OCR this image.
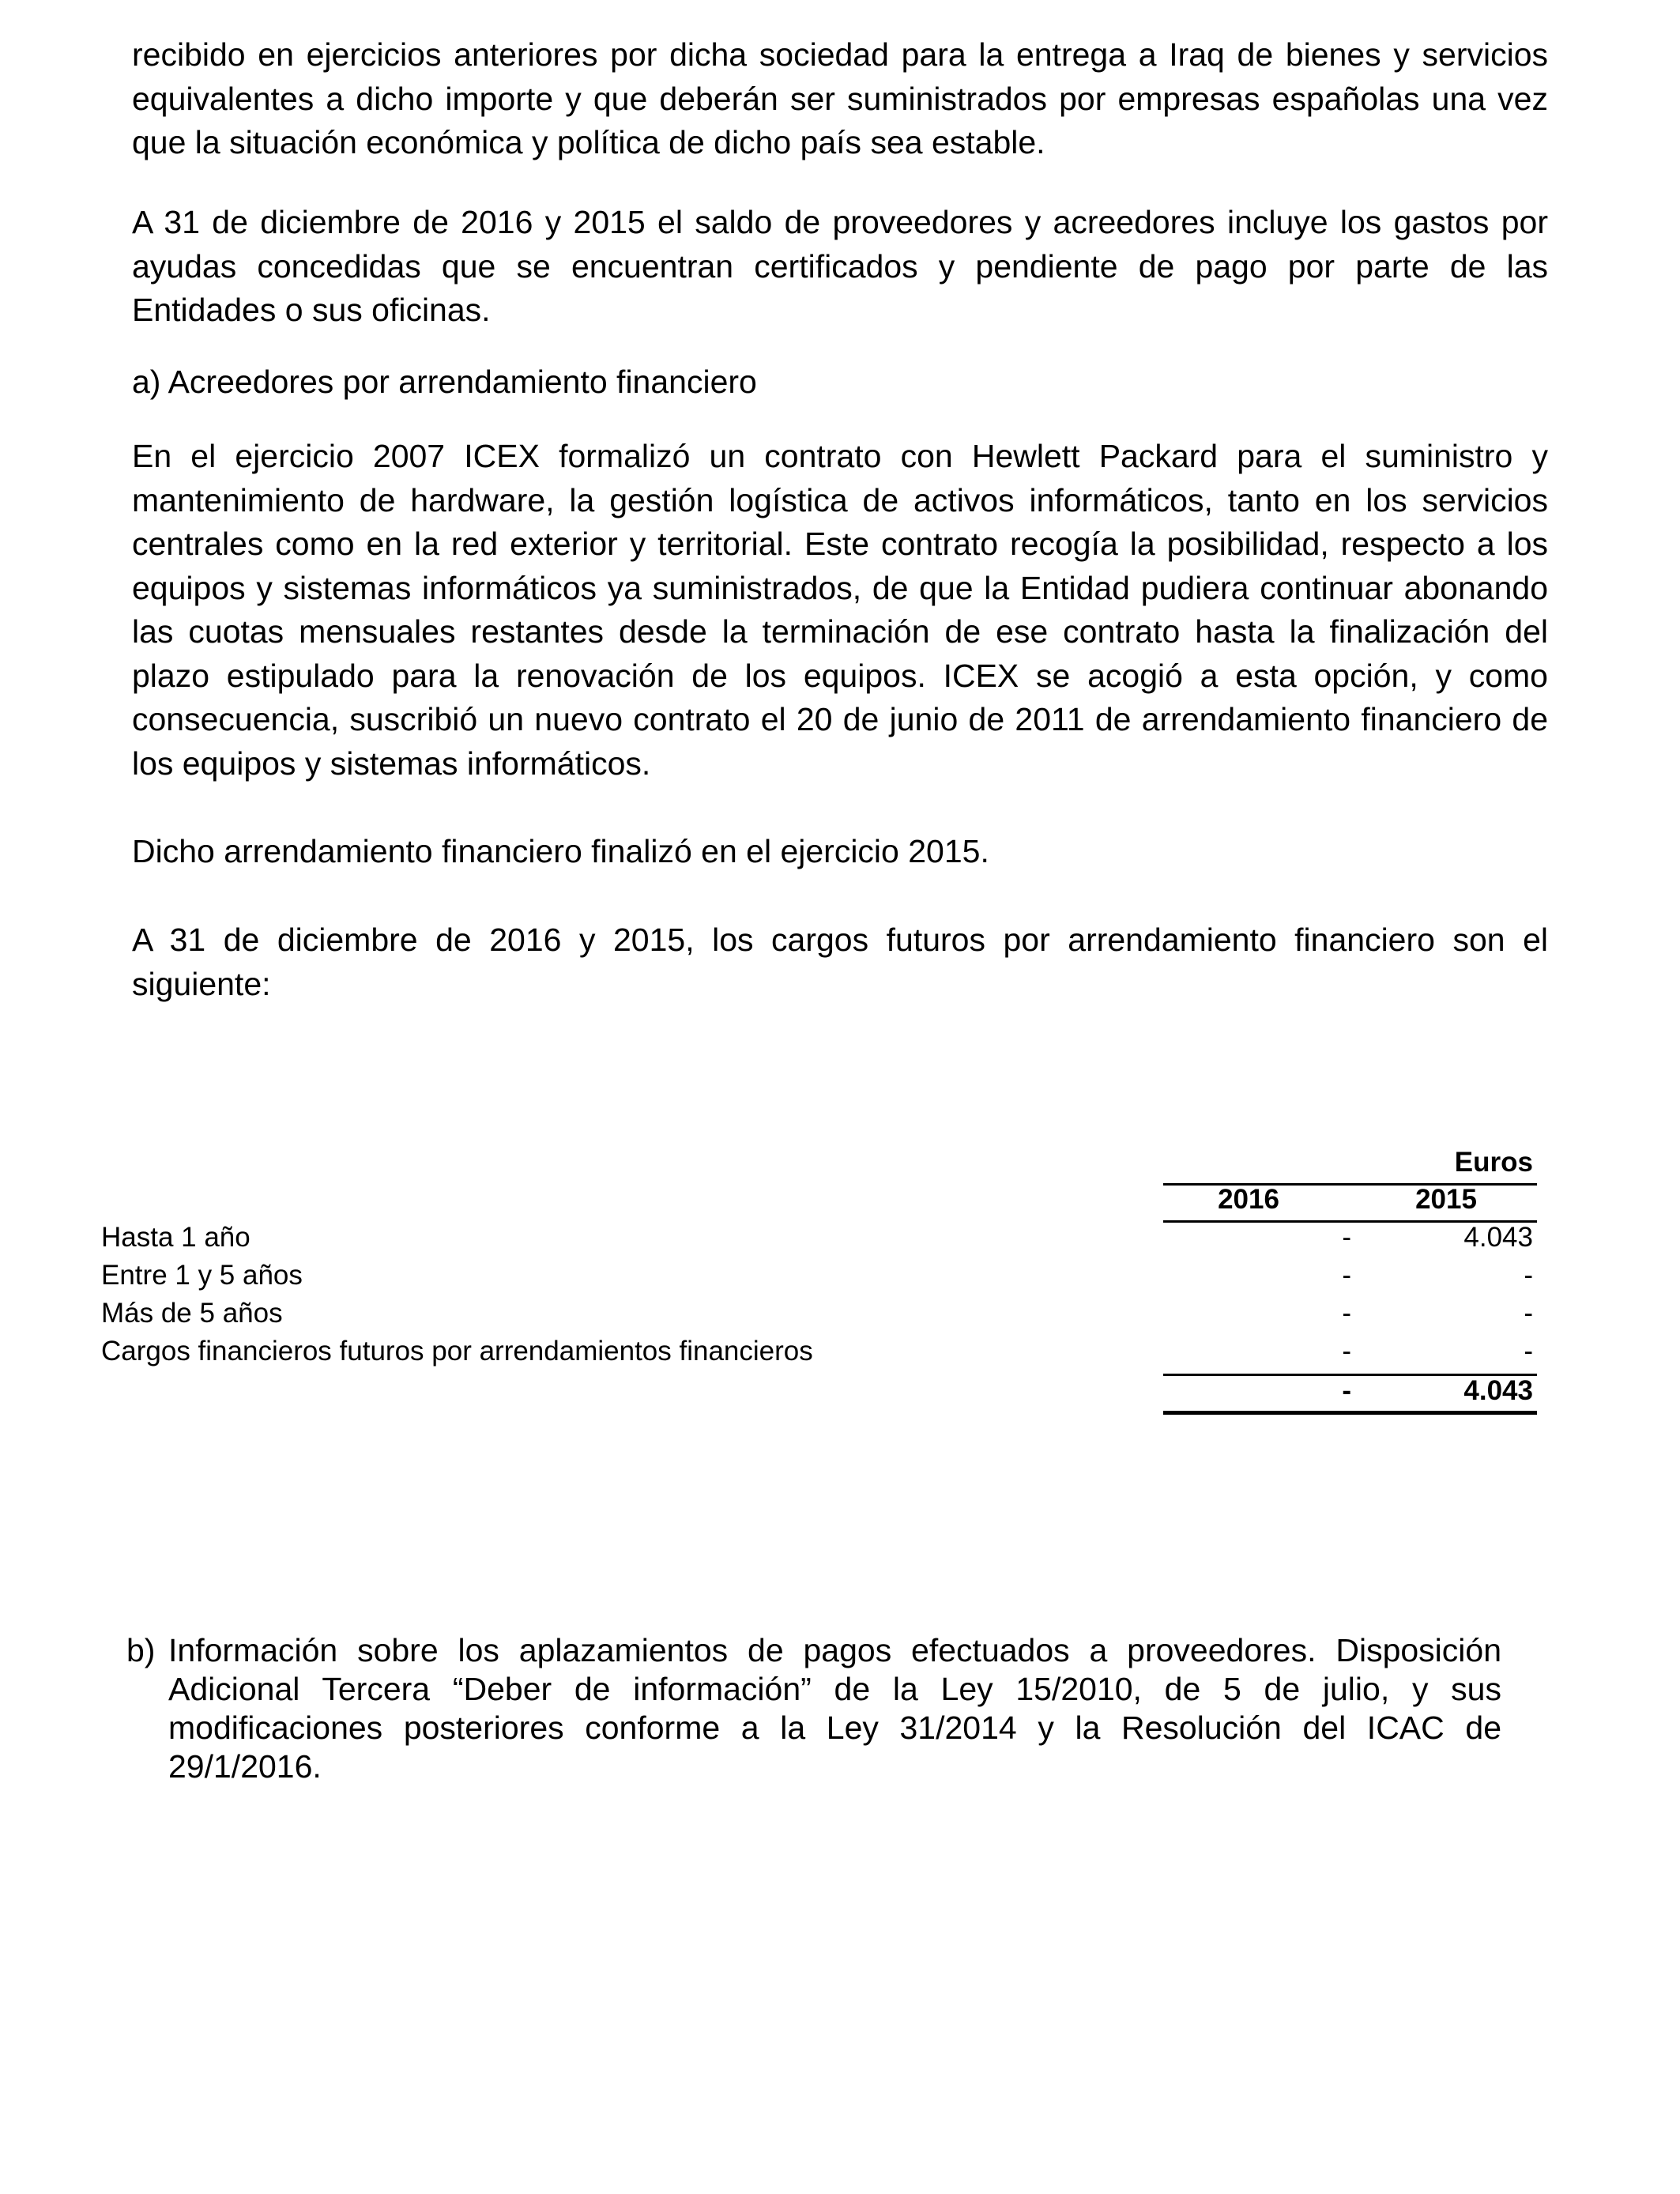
recibido en ejercicios anteriores por dicha sociedad para la entrega a Iraq de bienes y servicios equivalentes a dicho importe y que deberán ser suministrados por empresas españolas una vez que la situación económica y política de dicho país sea estable.

A 31 de diciembre de 2016 y 2015 el saldo de proveedores y acreedores incluye los gastos por ayudas concedidas que se encuentran certificados y pendiente de pago por parte de las Entidades o sus oficinas.

a) Acreedores por arrendamiento financiero

En el ejercicio 2007 ICEX formalizó un contrato con Hewlett Packard para el suministro y mantenimiento de hardware, la gestión logística de activos informáticos, tanto en los servicios centrales como en la red exterior y territorial. Este contrato recogía la posibilidad, respecto a los equipos y sistemas informáticos ya suministrados, de que la Entidad pudiera continuar abonando las cuotas mensuales restantes desde la terminación de ese contrato hasta la finalización del plazo estipulado para la renovación de los equipos. ICEX se acogió a esta opción, y como consecuencia, suscribió un nuevo contrato el 20 de junio de 2011 de arrendamiento financiero de los equipos y sistemas informáticos.

Dicho arrendamiento financiero finalizó en el ejercicio 2015.

A 31 de diciembre de 2016 y 2015, los cargos futuros por arrendamiento financiero son el siguiente:

Euros
2016	2015
Hasta 1 año	-	4.043
Entre 1 y 5 años	-	-
Más de 5 años	-	-
Cargos financieros futuros por arrendamientos financieros	-	-
-	4.043
b) Información sobre los aplazamientos de pagos efectuados a proveedores. Disposición Adicional Tercera “Deber de información” de la Ley 15/2010, de 5 de julio, y sus modificaciones posteriores conforme a la Ley 31/2014 y la Resolución del ICAC de 29/1/2016.
